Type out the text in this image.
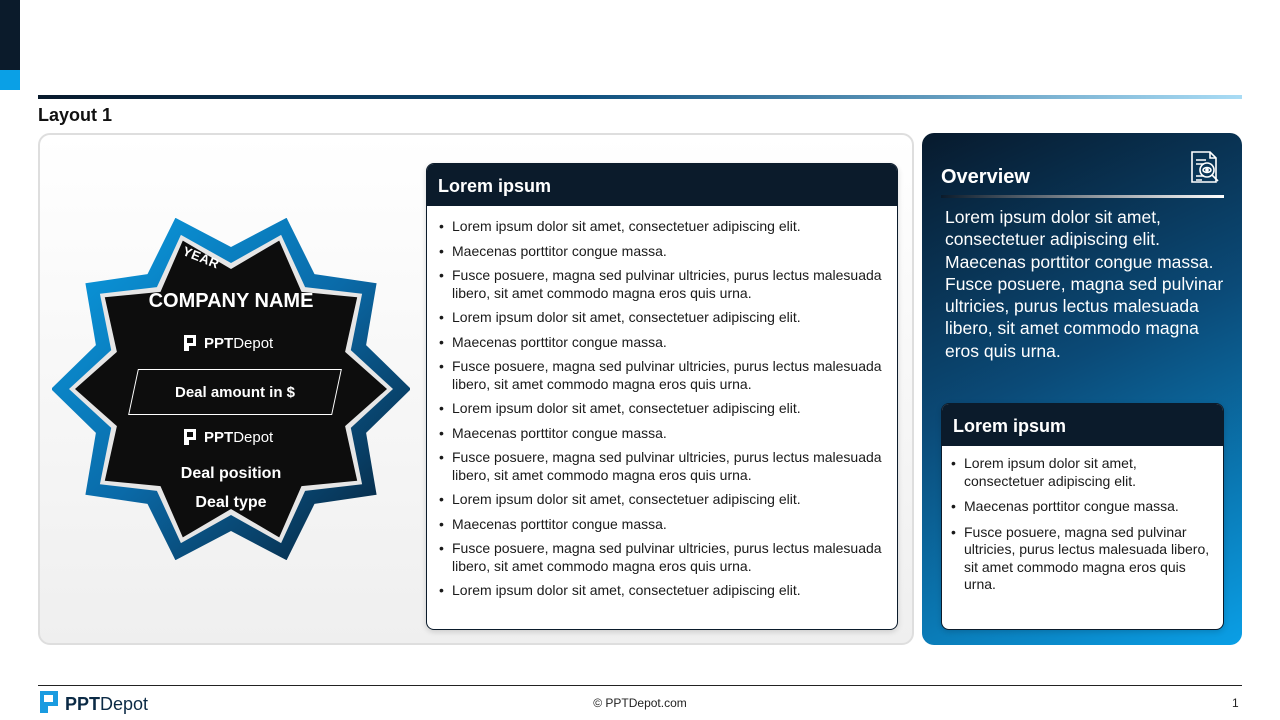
Layout 1
YEAR
COMPANY NAME
PPTDepot
Deal amount in $
PPTDepot
Deal position
Deal type
Lorem ipsum
• Lorem ipsum dolor sit amet, consectetuer adipiscing elit.
• Maecenas porttitor congue massa.
• Fusce posuere, magna sed pulvinar ultricies, purus lectus malesuada libero, sit amet commodo magna eros quis urna.
• Lorem ipsum dolor sit amet, consectetuer adipiscing elit.
• Maecenas porttitor congue massa.
• Fusce posuere, magna sed pulvinar ultricies, purus lectus malesuada libero, sit amet commodo magna eros quis urna.
• Lorem ipsum dolor sit amet, consectetuer adipiscing elit.
• Maecenas porttitor congue massa.
• Fusce posuere, magna sed pulvinar ultricies, purus lectus malesuada libero, sit amet commodo magna eros quis urna.
• Lorem ipsum dolor sit amet, consectetuer adipiscing elit.
• Maecenas porttitor congue massa.
• Fusce posuere, magna sed pulvinar ultricies, purus lectus malesuada libero, sit amet commodo magna eros quis urna.
• Lorem ipsum dolor sit amet, consectetuer adipiscing elit.
Overview
Lorem ipsum dolor sit amet, consectetuer adipiscing elit. Maecenas porttitor congue massa. Fusce posuere, magna sed pulvinar ultricies, purus lectus malesuada libero, sit amet commodo magna eros quis urna.
Lorem ipsum
• Lorem ipsum dolor sit amet, consectetuer adipiscing elit.
• Maecenas porttitor congue massa.
• Fusce posuere, magna sed pulvinar ultricies, purus lectus malesuada libero, sit amet commodo magna eros quis urna.
PPTDepot	© PPTDepot.com	1
